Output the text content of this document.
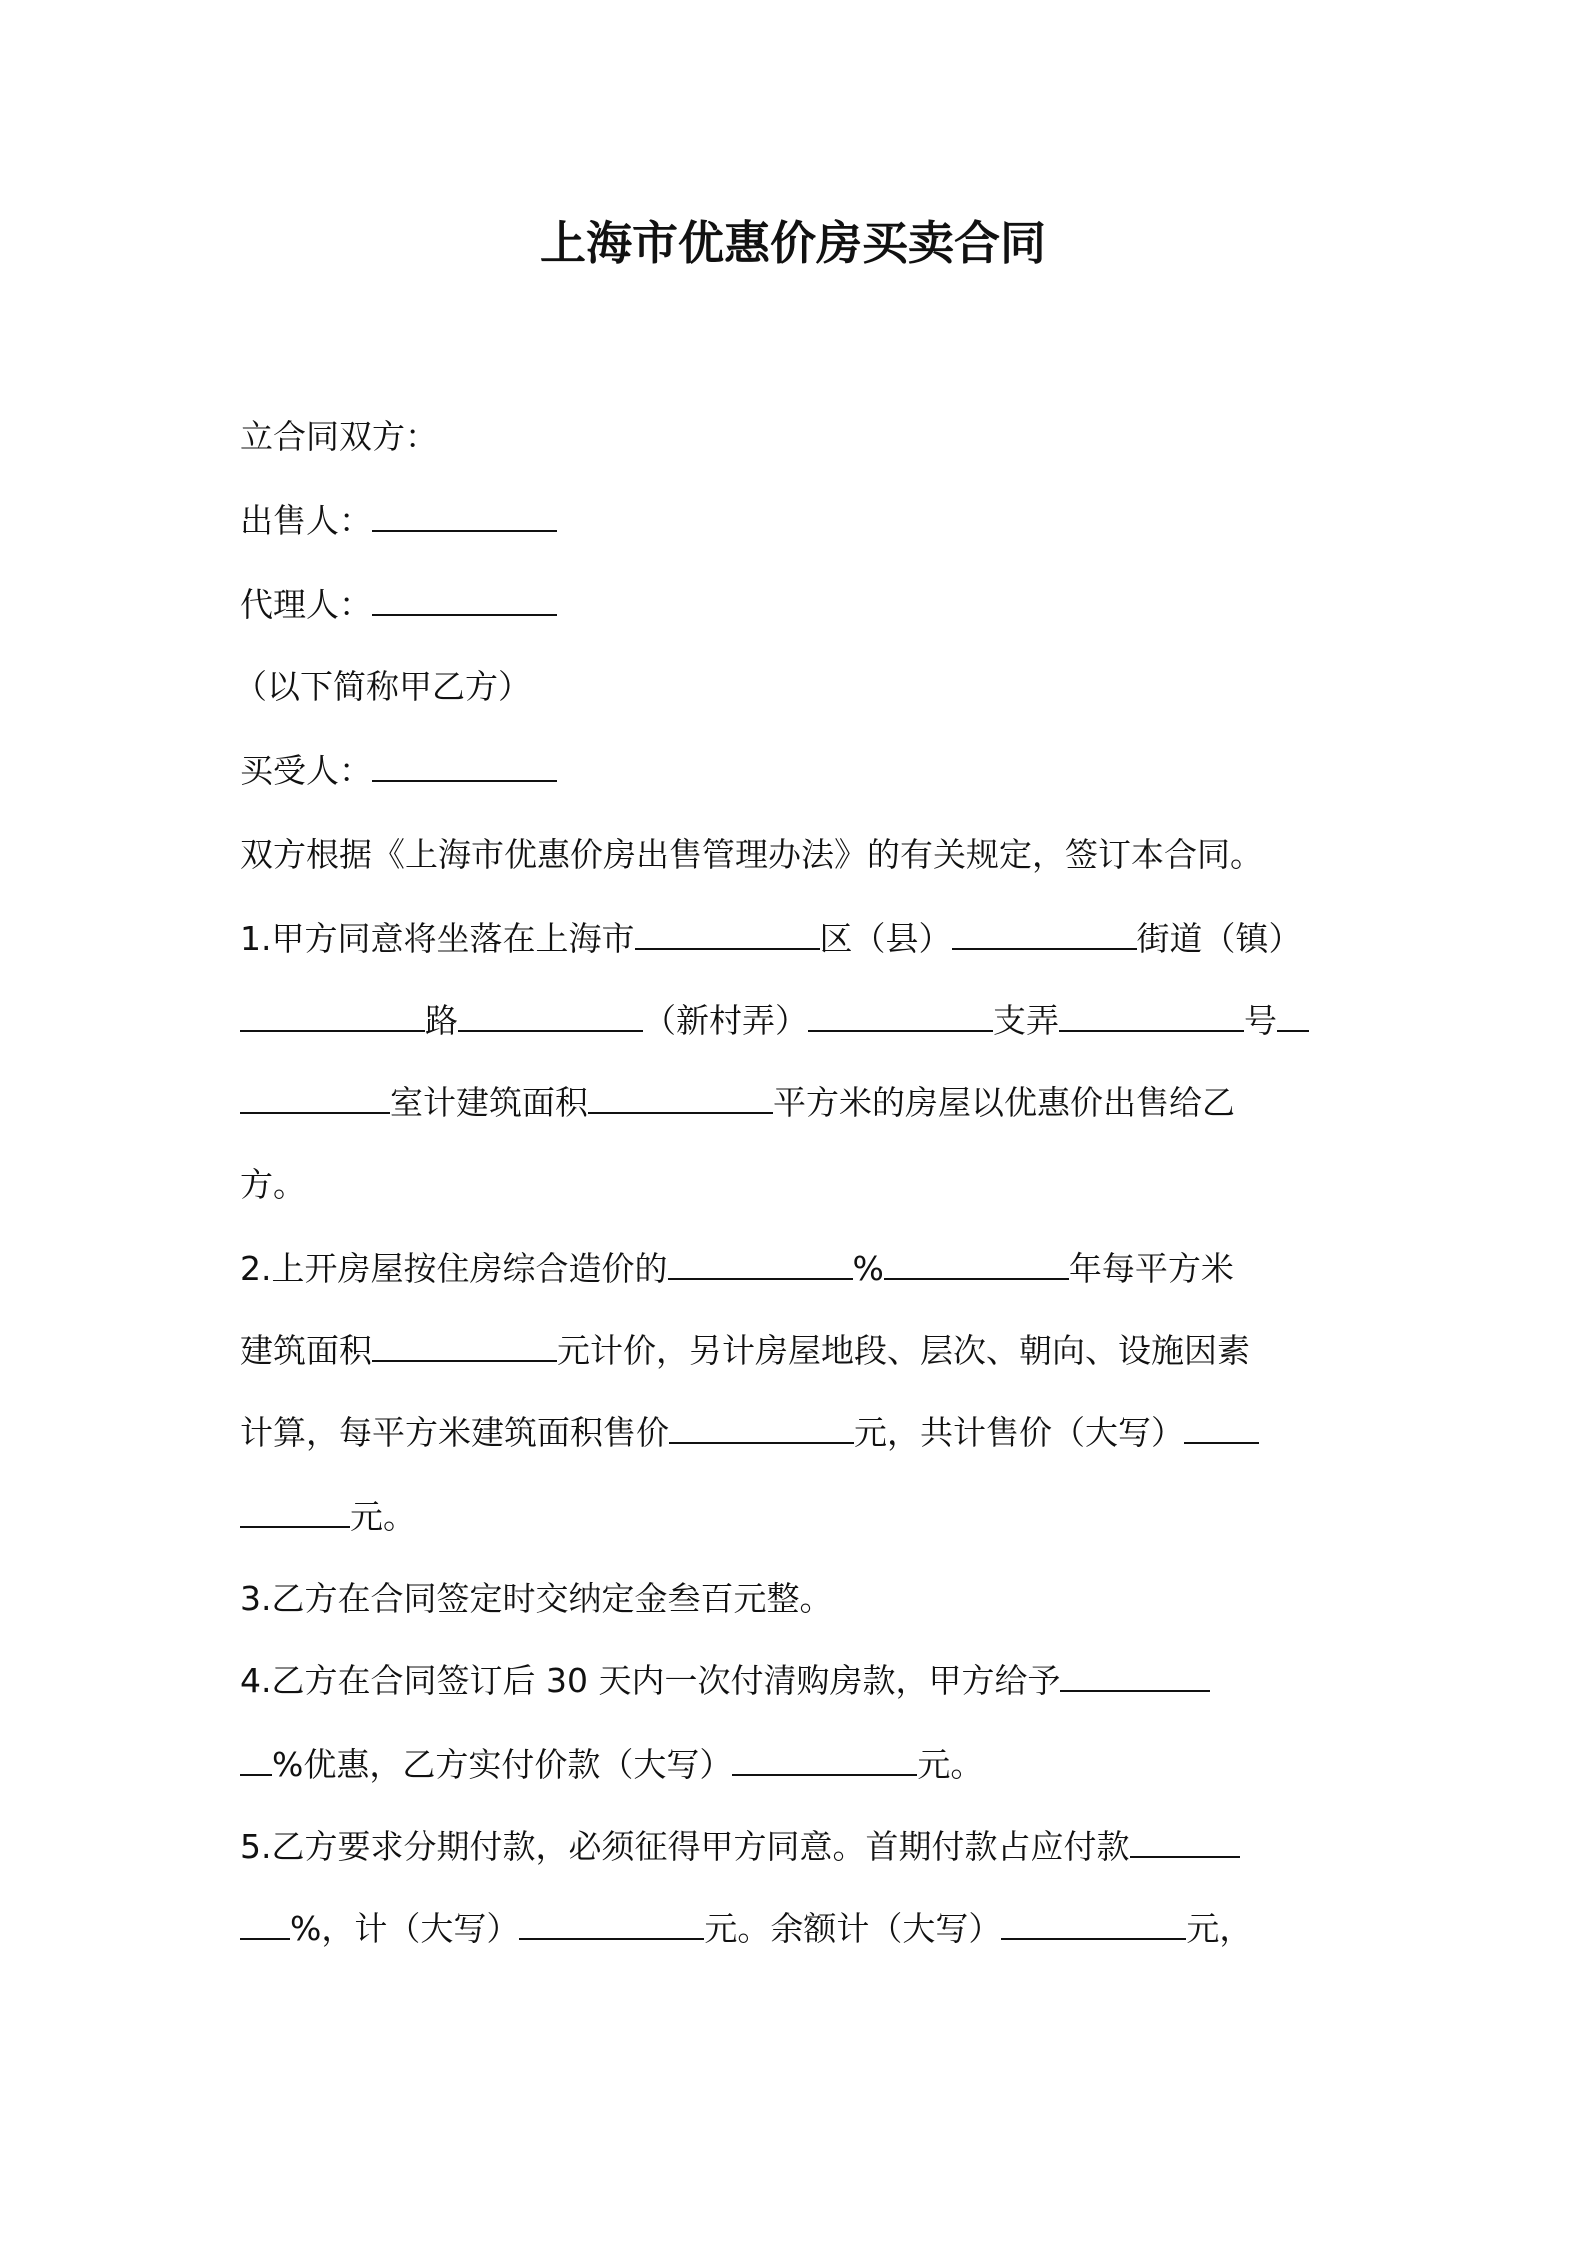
上海市优惠价房买卖合同
立合同双方：
出售人：
代理人：
（以下简称甲乙方）
买受人：
双方根据《上海市优惠价房出售管理办法》的有关规定，签订本合同。
1.甲方同意将坐落在上海市	区（县）	街道（镇）
路	（新村弄）	支弄	号
室计建筑面积	平方米的房屋以优惠价出售给乙
方。
2.上开房屋按住房综合造价的	%	年每平方米
建筑面积	元计价，另计房屋地段、层次、朝向、设施因素
计算，每平方米建筑面积售价	元，共计售价（大写）
元。
3.乙方在合同签定时交纳定金叁百元整。
4.乙方在合同签订后 30 天内一次付清购房款，甲方给予
%优惠，乙方实付价款（大写）	元。
5.乙方要求分期付款，必须征得甲方同意。首期付款占应付款
%，计（大写）	元。余额计（大写）	元，
